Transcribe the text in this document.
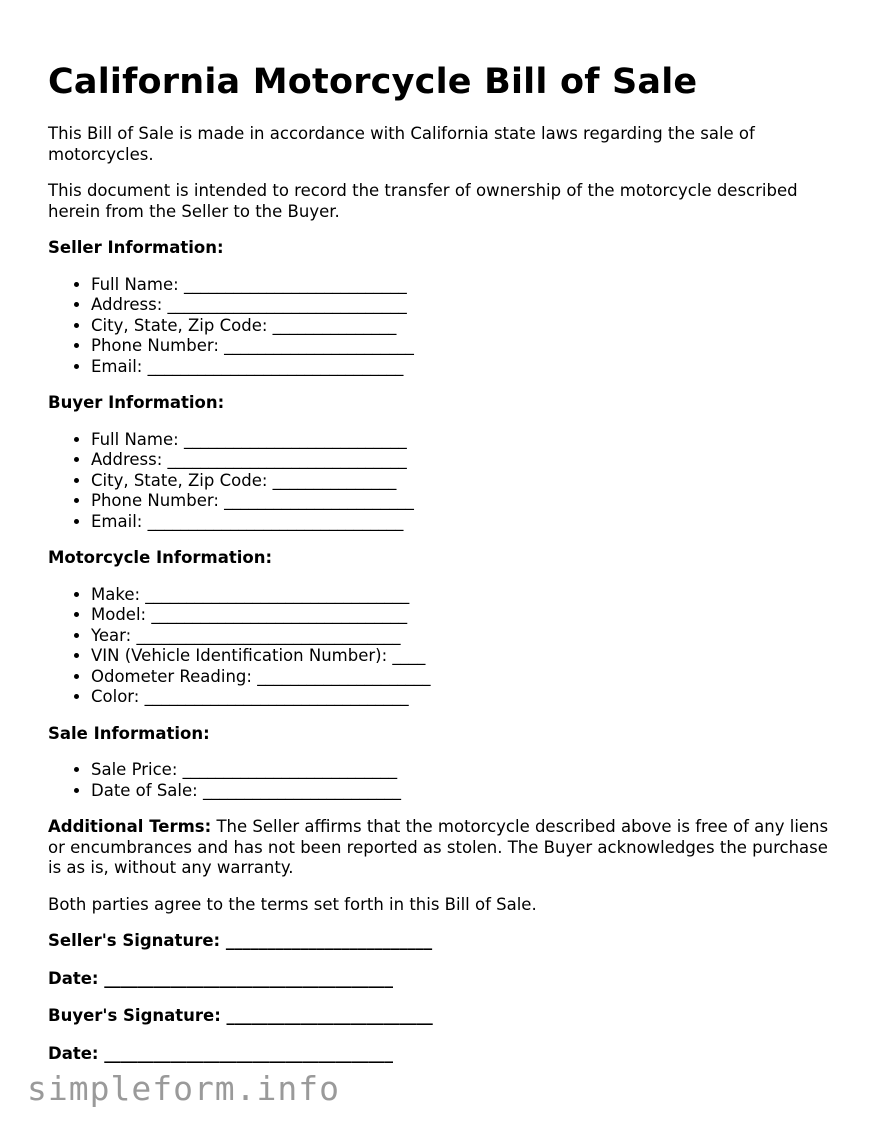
California Motorcycle Bill of Sale

This Bill of Sale is made in accordance with California state laws regarding the sale of motorcycles.

This document is intended to record the transfer of ownership of the motorcycle described herein from the Seller to the Buyer.

Seller Information:
• Full Name: ___________________________
• Address: _____________________________
• City, State, Zip Code: _______________
• Phone Number: _______________________
• Email: _______________________________
Buyer Information:
• Full Name: ___________________________
• Address: _____________________________
• City, State, Zip Code: _______________
• Phone Number: _______________________
• Email: _______________________________
Motorcycle Information:
• Make: ________________________________
• Model: _______________________________
• Year: ________________________________
• VIN (Vehicle Identification Number): ____
• Odometer Reading: _____________________
• Color: ________________________________
Sale Information:
• Sale Price: __________________________
• Date of Sale: ________________________

Additional Terms: The Seller affirms that the motorcycle described above is free of any liens or encumbrances and has not been reported as stolen. The Buyer acknowledges the purchase is as is, without any warranty.

Both parties agree to the terms set forth in this Bill of Sale.

Seller's Signature: _________________________
Date: ___________________________________
Buyer's Signature: _________________________
Date: ___________________________________
simpleform.info
